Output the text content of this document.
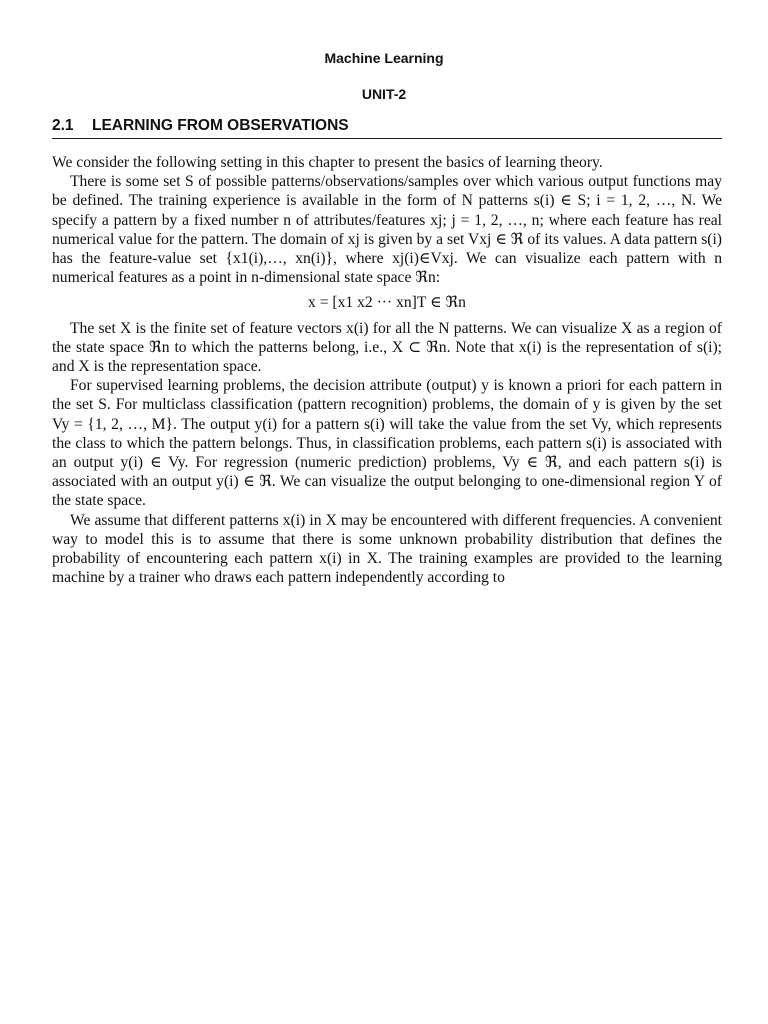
Machine Learning
UNIT-2
2.1 LEARNING FROM OBSERVATIONS

We consider the following setting in this chapter to present the basics of learning theory.

There is some set S of possible patterns/observations/samples over which various output functions may be defined. The training experience is available in the form of N patterns s(i) ∈ S; i = 1, 2, …, N. We specify a pattern by a fixed number n of attributes/features xj; j = 1, 2, …, n; where each feature has real numerical value for the pattern. The domain of xj is given by a set Vxj ∈ ℜ of its values. A data pattern s(i) has the feature-value set {x1(i),…, xn(i)}, where xj(i)∈Vxj. We can visualize each pattern with n numerical features as a point in n-dimensional state space ℜn:

x = [x1 x2 ··· xn]T ∈ ℜn

The set X is the finite set of feature vectors x(i) for all the N patterns. We can visualize X as a region of the state space ℜn to which the patterns belong, i.e., X ⊂ ℜn. Note that x(i) is the representation of s(i); and X is the representation space.

For supervised learning problems, the decision attribute (output) y is known a priori for each pattern in the set S. For multiclass classification (pattern recognition) problems, the domain of y is given by the set Vy = {1, 2, …, M}. The output y(i) for a pattern s(i) will take the value from the set Vy, which represents the class to which the pattern belongs. Thus, in classification problems, each pattern s(i) is associated with an output y(i) ∈ Vy. For regression (numeric prediction) problems, Vy ∈ ℜ, and each pattern s(i) is associated with an output y(i) ∈ ℜ. We can visualize the output belonging to one-dimensional region Y of the state space.

We assume that different patterns x(i) in X may be encountered with different frequencies. A convenient way to model this is to assume that there is some unknown probability distribution that defines the probability of encountering each pattern x(i) in X. The training examples are provided to the learning machine by a trainer who draws each pattern independently according to
